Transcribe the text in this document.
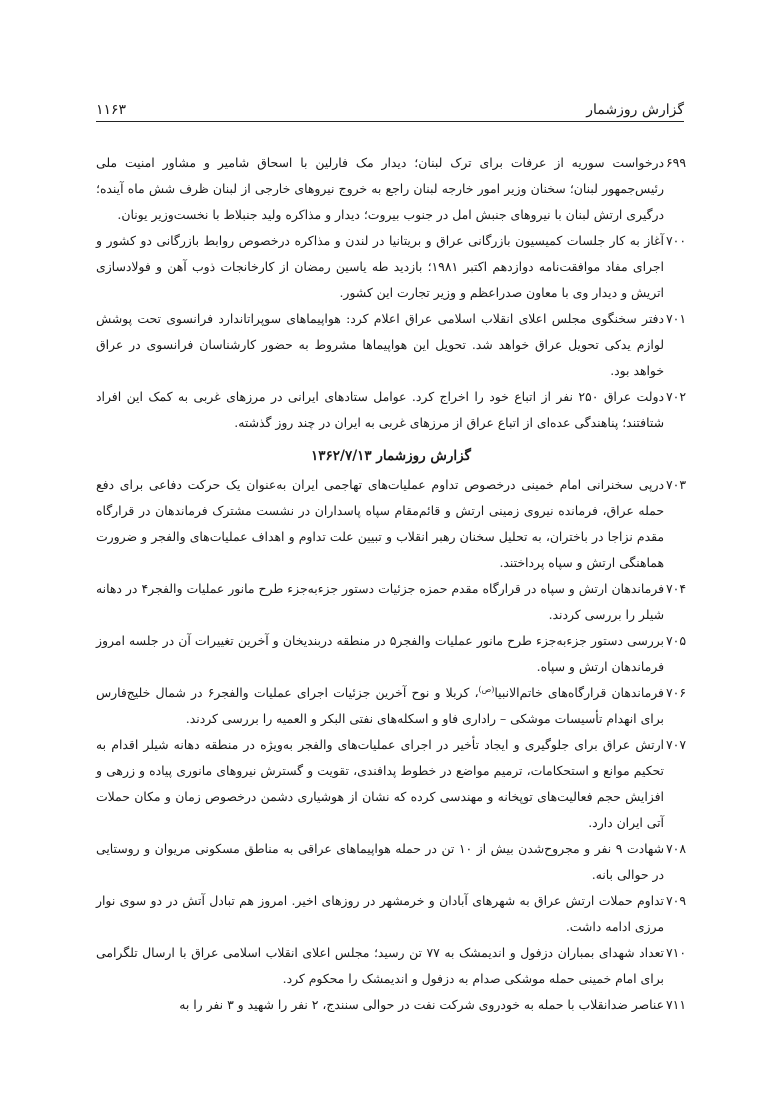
گزارش روزشمار
۱۱۶۳
۶۹۹
درخواست سوریه از عرفات برای ترک لبنان؛ دیدار مک فارلین با اسحاق شامیر و مشاور امنیت ملی رئیس‌جمهور لبنان؛ سخنان وزیر امور خارجه لبنان راجع به خروج نیروهای خارجی از لبنان ظرف شش ماه آینده؛ درگیری ارتش لبنان با نیروهای جنبش امل در جنوب بیروت؛ دیدار و مذاکره ولید جنبلاط با نخست‌وزیر یونان.
۷۰۰
آغاز به کار جلسات کمیسیون بازرگانی عراق و بریتانیا در لندن و مذاکره درخصوص روابط بازرگانی دو کشور و اجرای مفاد موافقت‌نامه دوازدهم اکتبر ۱۹۸۱؛ بازدید طه یاسین رمضان از کارخانجات ذوب آهن و فولادسازی اتریش و دیدار وی با معاون صدراعظم و وزیر تجارت این کشور.
۷۰۱
دفتر سخنگوی مجلس اعلای انقلاب اسلامی عراق اعلام کرد: هواپیماهای سوپراتاندارد فرانسوی تحت پوشش لوازم یدکی تحویل عراق خواهد شد. تحویل این هواپیماها مشروط به حضور کارشناسان فرانسوی در عراق خواهد بود.
۷۰۲
دولت عراق ۲۵۰ نفر از اتباع خود را اخراج کرد. عوامل ستادهای ایرانی در مرزهای غربی به کمک این افراد شتافتند؛ پناهندگی عده‌ای از اتباع عراق از مرزهای غربی به ایران در چند روز گذشته.
گزارش روزشمار ۱۳۶۲/۷/۱۳
۷۰۳
درپی سخنرانی امام خمینی درخصوص تداوم عملیات‌های تهاجمی ایران به‌عنوان یک حرکت دفاعی برای دفع حمله عراق، فرمانده نیروی زمینی ارتش و قائم‌مقام سپاه پاسداران در نشست مشترک فرماندهان در قرارگاه مقدم نزاجا در باختران، به تحلیل سخنان رهبر انقلاب و تبیین علت تداوم و اهداف عملیات‌های والفجر و ضرورت هماهنگی ارتش و سپاه پرداختند.
۷۰۴
فرماندهان ارتش و سپاه در قرارگاه مقدم حمزه جزئیات دستور جزءبه‌جزء طرح مانور عملیات والفجر۴ در دهانه شیلر را بررسی کردند.
۷۰۵
بررسی دستور جزءبه‌جزء طرح مانور عملیات والفجر۵ در منطقه دربندیخان و آخرین تغییرات آن در جلسه امروز فرماندهان ارتش و سپاه.
۷۰۶
فرماندهان قرارگاه‌های خاتم‌الانبیا$^{(ص)}$، کربلا و نوح آخرین جزئیات اجرای عملیات والفجر۶ در شمال خلیج‌فارس برای انهدام تأسیسات موشکی – راداری فاو و اسکله‌های نفتی البکر و العمیه را بررسی کردند.
۷۰۷
ارتش عراق برای جلوگیری و ایجاد تأخیر در اجرای عملیات‌های والفجر به‌ویژه در منطقه دهانه شیلر اقدام به تحکیم موانع و استحکامات، ترمیم مواضع در خطوط پدافندی، تقویت و گسترش نیروهای مانوری پیاده و زرهی و افزایش حجم فعالیت‌های توپخانه و مهندسی کرده که نشان از هوشیاری دشمن درخصوص زمان و مکان حملات آتی ایران دارد.
۷۰۸
شهادت ۹ نفر و مجروح‌شدن بیش از ۱۰ تن در حمله هواپیماهای عراقی به مناطق مسکونی مریوان و روستایی در حوالی بانه.
۷۰۹
تداوم حملات ارتش عراق به شهرهای آبادان و خرمشهر در روزهای اخیر. امروز هم تبادل آتش در دو سوی نوار مرزی ادامه داشت.
۷۱۰
تعداد شهدای بمباران دزفول و اندیمشک به ۷۷ تن رسید؛ مجلس اعلای انقلاب اسلامی عراق با ارسال تلگرامی برای امام خمینی حمله موشکی صدام به دزفول و اندیمشک را محکوم کرد.
۷۱۱
عناصر ضدانقلاب با حمله به خودروی شرکت نفت در حوالی سنندج، ۲ نفر را شهید و ۳ نفر را به
